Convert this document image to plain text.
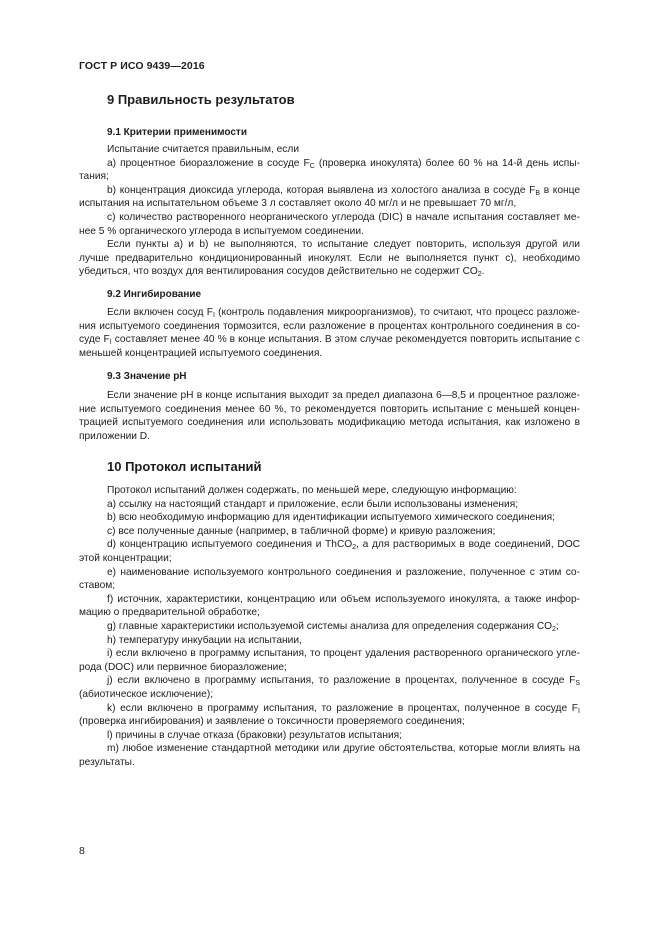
ГОСТ Р ИСО 9439—2016
9 Правильность результатов
9.1 Критерии применимости

Испытание считается правильным, если

а) процентное биоразложение в сосуде $F_C$ (проверка инокулята) более 60 % на 14-й день испы-тания;

b) концентрация диоксида углерода, которая выявлена из холостого анализа в сосуде $F_B$ в конце испытания на испытательном объеме 3 л составляет около 40 мг/л и не превышает 70 мг/л,

с) количество растворенного неорганического углерода (DIC) в начале испытания составляет ме-нее 5 % органического углерода в испытуемом соединении.

Если пункты а) и b) не выполняются, то испытание следует повторить, используя другой или лучше предварительно кондиционированный инокулят. Если не выполняется пункт с), необходимо убедиться, что воздух для вентилирования сосудов действительно не содержит $СО_2$.

9.2 Ингибирование

Если включен сосуд $F_I$ (контроль подавления микроорганизмов), то считают, что процесс разложе-ния испытуемого соединения тормозится, если разложение в процентах контрольного соединения в со-суде $F_I$ составляет менее 40 % в конце испытания. В этом случае рекомендуется повторить испытание с меньшей концентрацией испытуемого соединения.

9.3 Значение pH

Если значение pH в конце испытания выходит за предел диапазона 6—8,5 и процентное разложе-ние испытуемого соединения менее 60 %, то рекомендуется повторить испытание с меньшей концен-трацией испытуемого соединения или использовать модификацию метода испытания, как изложено в приложении D.

10 Протокол испытаний

Протокол испытаний должен содержать, по меньшей мере, следующую информацию:

а) ссылку на настоящий стандарт и приложение, если были использованы изменения;

b) всю необходимую информацию для идентификации испытуемого химического соединения;

с) все полученные данные (например, в табличной форме) и кривую разложения;

d) концентрацию испытуемого соединения и ThCO$_2$, а для растворимых в воде соединений, DOC этой концентрации;

е) наименование используемого контрольного соединения и разложение, полученное с этим со-ставом;

f) источник, характеристики, концентрацию или объем используемого инокулята, а также инфор-мацию о предварительной обработке;

g) главные характеристики используемой системы анализа для определения содержания $СО_2$;

h) температуру инкубации на испытании,

i) если включено в программу испытания, то процент удаления растворенного органического угле-рода (DOC) или первичное биоразложение;

j) если включено в программу испытания, то разложение в процентах, полученное в сосуде $F_S$ (абиотическое исключение);

k) если включено в программу испытания, то разложение в процентах, полученное в сосуде $F_I$ (проверка ингибирования) и заявление о токсичности проверяемого соединения;

l) причины в случае отказа (браковки) результатов испытания;

m) любое изменение стандартной методики или другие обстоятельства, которые могли влиять на результаты.

8
